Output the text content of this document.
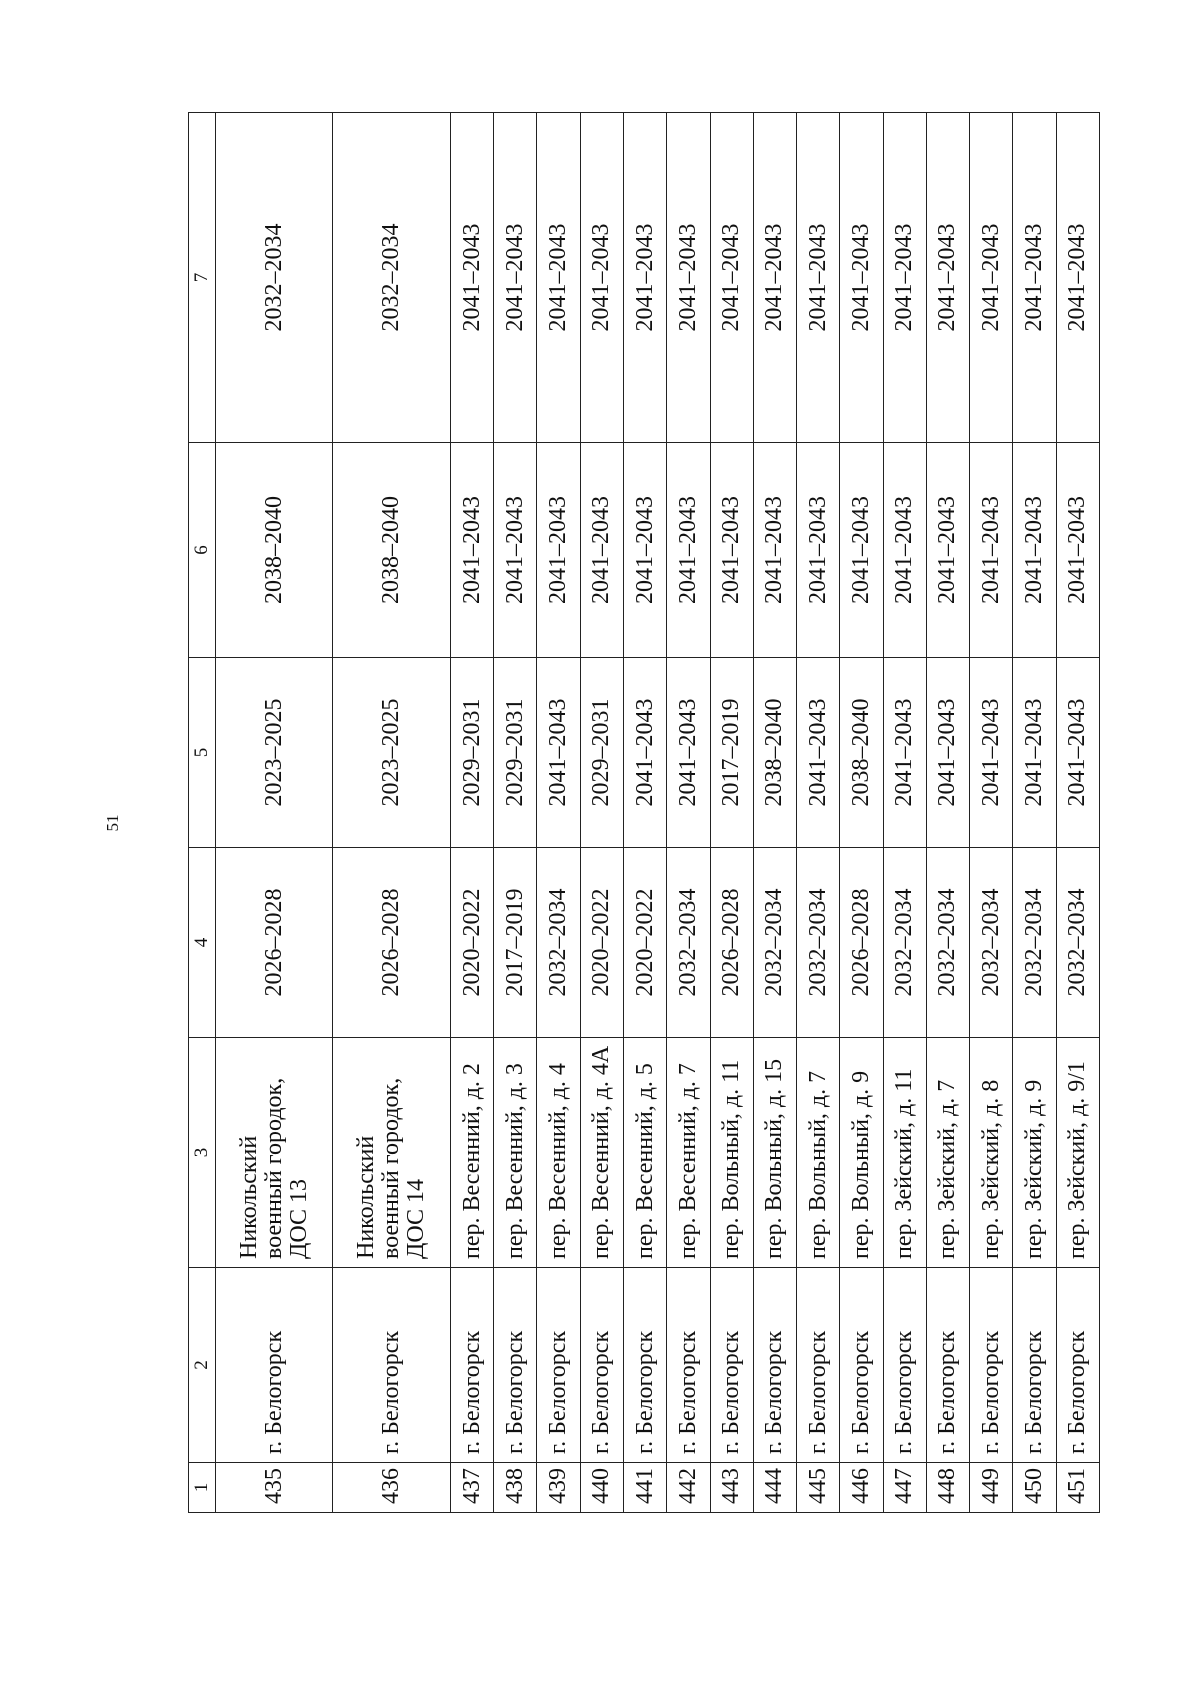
51
1	2	3	4	5	6	7
435	г. Белогорск	Никольский военный городок, ДОС 13	2026–2028	2023–2025	2038–2040	2032–2034
436	г. Белогорск	Никольский военный городок, ДОС 14	2026–2028	2023–2025	2038–2040	2032–2034
437	г. Белогорск	пер. Весенний, д. 2	2020–2022	2029–2031	2041–2043	2041–2043
438	г. Белогорск	пер. Весенний, д. 3	2017–2019	2029–2031	2041–2043	2041–2043
439	г. Белогорск	пер. Весенний, д. 4	2032–2034	2041–2043	2041–2043	2041–2043
440	г. Белогорск	пер. Весенний, д. 4А	2020–2022	2029–2031	2041–2043	2041–2043
441	г. Белогорск	пер. Весенний, д. 5	2020–2022	2041–2043	2041–2043	2041–2043
442	г. Белогорск	пер. Весенний, д. 7	2032–2034	2041–2043	2041–2043	2041–2043
443	г. Белогорск	пер. Вольный, д. 11	2026–2028	2017–2019	2041–2043	2041–2043
444	г. Белогорск	пер. Вольный, д. 15	2032–2034	2038–2040	2041–2043	2041–2043
445	г. Белогорск	пер. Вольный, д. 7	2032–2034	2041–2043	2041–2043	2041–2043
446	г. Белогорск	пер. Вольный, д. 9	2026–2028	2038–2040	2041–2043	2041–2043
447	г. Белогорск	пер. Зейский, д. 11	2032–2034	2041–2043	2041–2043	2041–2043
448	г. Белогорск	пер. Зейский, д. 7	2032–2034	2041–2043	2041–2043	2041–2043
449	г. Белогорск	пер. Зейский, д. 8	2032–2034	2041–2043	2041–2043	2041–2043
450	г. Белогорск	пер. Зейский, д. 9	2032–2034	2041–2043	2041–2043	2041–2043
451	г. Белогорск	пер. Зейский, д. 9/1	2032–2034	2041–2043	2041–2043	2041–2043
